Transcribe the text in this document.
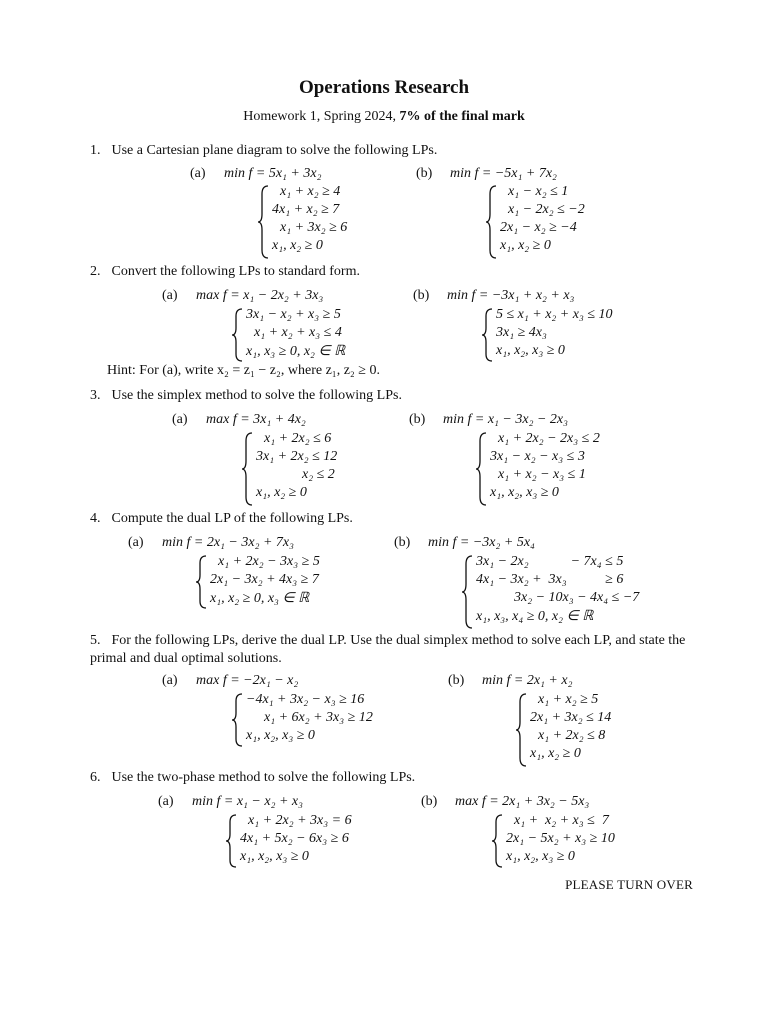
Operations Research
Homework 1, Spring 2024, 7% of the final mark
1. Use a Cartesian plane diagram to solve the following LPs.
(a) min f = 5x₁ + 3x₂
x₁ + x₂ ≥ 4
4x₁ + x₂ ≥ 7
x₁ + 3x₂ ≥ 6
x₁, x₂ ≥ 0
(b) min f = −5x₁ + 7x₂
x₁ − x₂ ≤ 1
x₁ − 2x₂ ≤ −2
2x₁ − x₂ ≥ −4
x₁, x₂ ≥ 0
2. Convert the following LPs to standard form.
(a) max f = x₁ − 2x₂ + 3x₃
3x₁ − x₂ + x₃ ≥ 5
x₁ + x₂ + x₃ ≤ 4
x₁, x₃ ≥ 0, x₂ ∈ ℝ
(b) min f = −3x₁ + x₂ + x₃
5 ≤ x₁ + x₂ + x₃ ≤ 10
3x₁ ≥ 4x₃
x₁, x₂, x₃ ≥ 0
Hint: For (a), write x₂ = z₁ − z₂, where z₁, z₂ ≥ 0.
3. Use the simplex method to solve the following LPs.
(a) max f = 3x₁ + 4x₂
x₁ + 2x₂ ≤ 6
3x₁ + 2x₂ ≤ 12
x₂ ≤ 2
x₁, x₂ ≥ 0
(b) min f = x₁ − 3x₂ − 2x₃
x₁ + 2x₂ − 2x₃ ≤ 2
3x₁ − x₂ − x₃ ≤ 3
x₁ + x₂ − x₃ ≤ 1
x₁, x₂, x₃ ≥ 0
4. Compute the dual LP of the following LPs.
(a) min f = 2x₁ − 3x₂ + 7x₃
x₁ + 2x₂ − 3x₃ ≥ 5
2x₁ − 3x₂ + 4x₃ ≥ 7
x₁, x₂ ≥ 0, x₃ ∈ ℝ
(b) min f = −3x₂ + 5x₄
3x₁ − 2x₂            − 7x₄ ≤ 5
4x₁ − 3x₂ +  3x₃           ≥ 6
3x₂ − 10x₃ − 4x₄ ≤ −7
x₁, x₃, x₄ ≥ 0, x₂ ∈ ℝ
5. For the following LPs, derive the dual LP. Use the dual simplex method to solve each LP, and state the primal and dual optimal solutions.
(a) max f = −2x₁ − x₂
−4x₁ + 3x₂ − x₃ ≥ 16
x₁ + 6x₂ + 3x₃ ≥ 12
x₁, x₂, x₃ ≥ 0
(b) min f = 2x₁ + x₂
x₁ + x₂ ≥ 5
2x₁ + 3x₂ ≤ 14
x₁ + 2x₂ ≤ 8
x₁, x₂ ≥ 0
6. Use the two-phase method to solve the following LPs.
(a) min f = x₁ − x₂ + x₃
x₁ + 2x₂ + 3x₃ = 6
4x₁ + 5x₂ − 6x₃ ≥ 6
x₁, x₂, x₃ ≥ 0
(b) max f = 2x₁ + 3x₂ − 5x₃
x₁ +  x₂ + x₃ ≤  7
2x₁ − 5x₂ + x₃ ≥ 10
x₁, x₂, x₃ ≥ 0
PLEASE TURN OVER
